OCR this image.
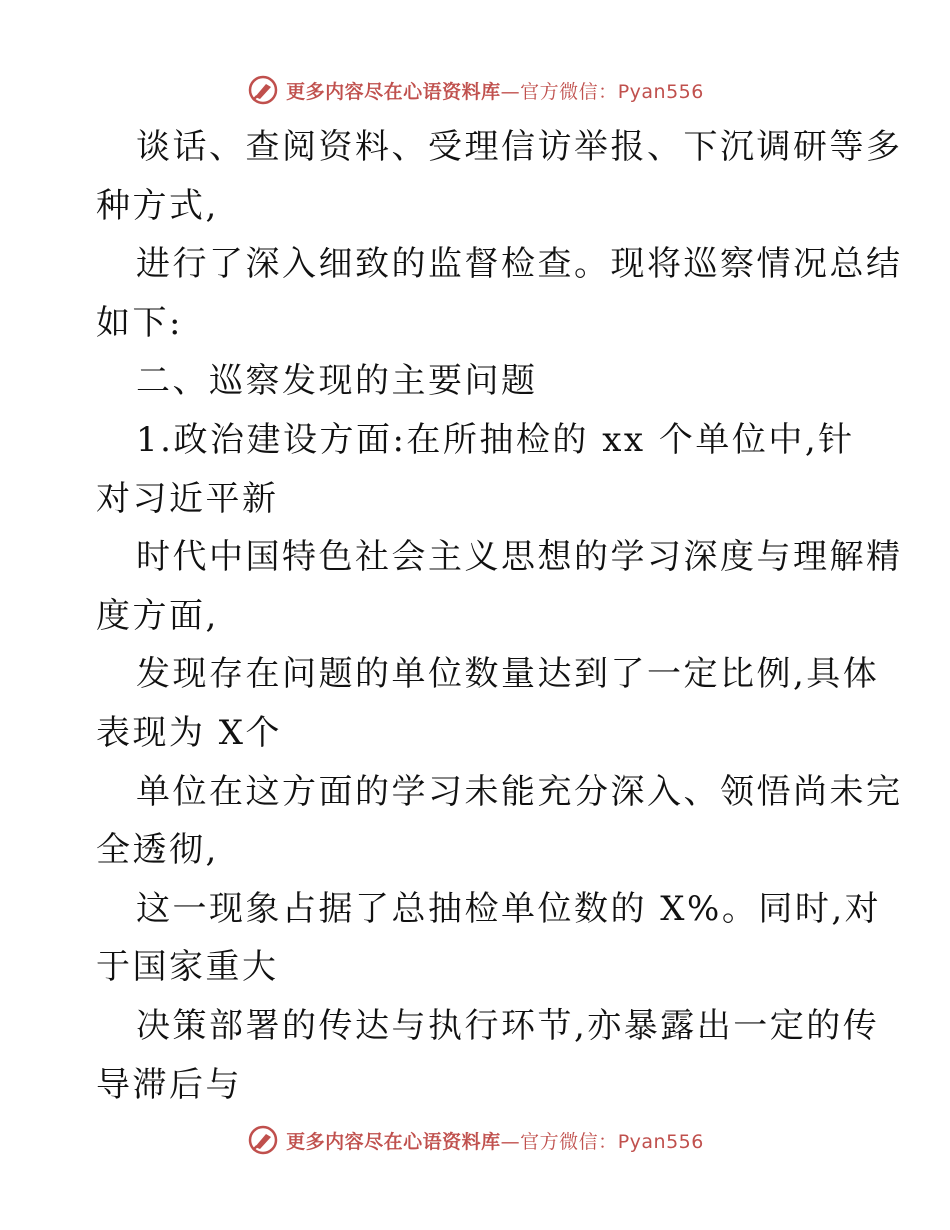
更多内容尽在心语资料库—官方微信：Pyan556
谈话、查阅资料、受理信访举报、下沉调研等多
种方式,
进行了深入细致的监督检查。现将巡察情况总结
如下:
二、巡察发现的主要问题
1.政治建设方面:在所抽检的 xx 个单位中,针
对习近平新
时代中国特色社会主义思想的学习深度与理解精
度方面,
发现存在问题的单位数量达到了一定比例,具体
表现为 X个
单位在这方面的学习未能充分深入、领悟尚未完
全透彻,
这一现象占据了总抽检单位数的 X%。同时,对
于国家重大
决策部署的传达与执行环节,亦暴露出一定的传
导滞后与
更多内容尽在心语资料库—官方微信：Pyan556
